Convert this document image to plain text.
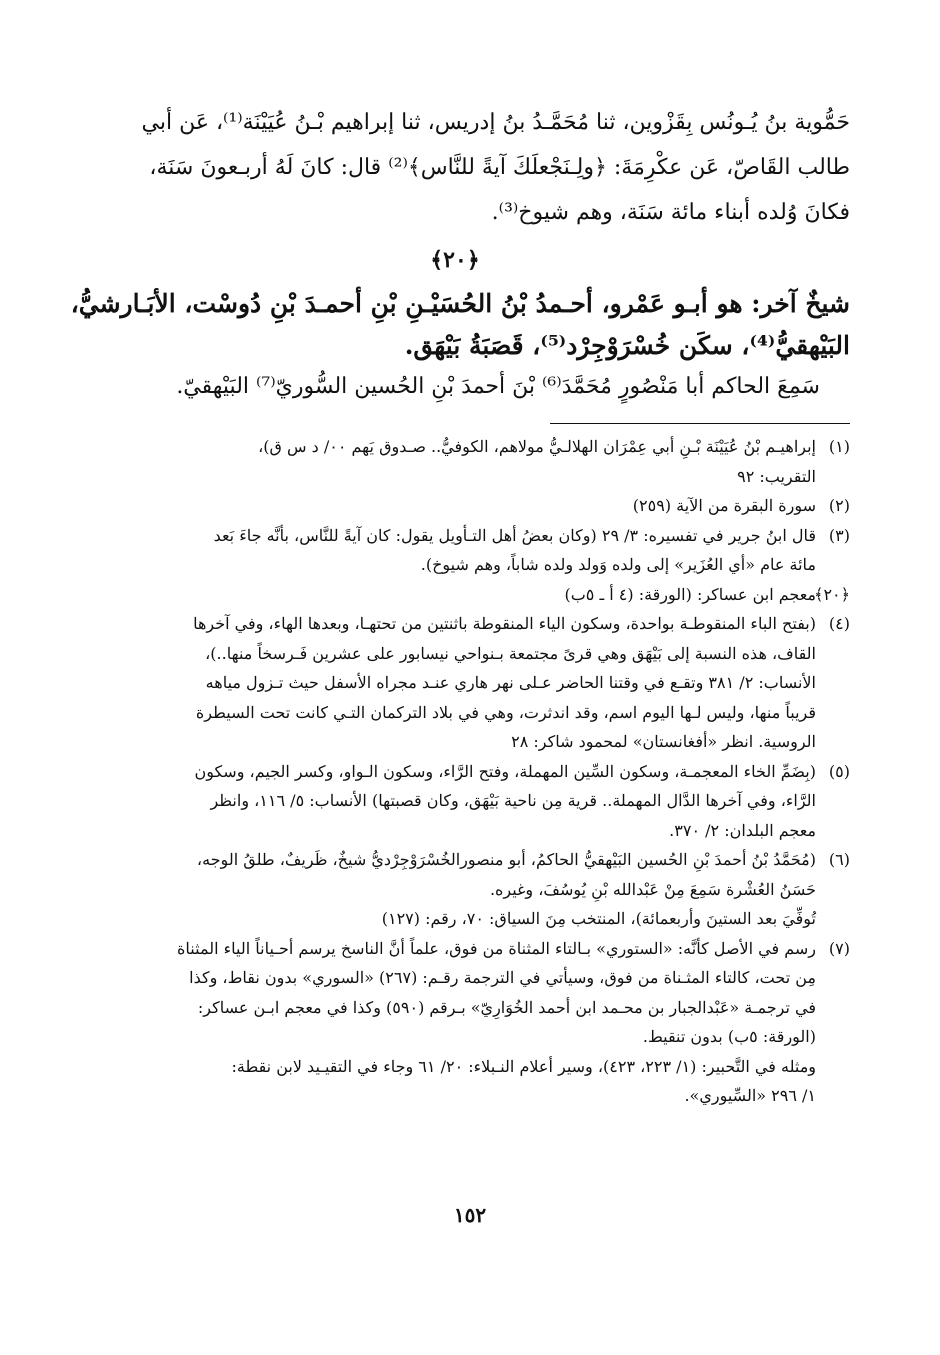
حَمُّوية بنُ يُـونُس بِقَزْوين، ثنا مُحَمَّـدُ بنُ إدريس، ثنا إبراهيم بْـنُ عُيَيْنَة⁽¹⁾، عَن أبي

طالب القَاصّ، عَن عكْرِمَةَ: ﴿ولِـنَجْعلَكَ آيةً للنَّاس﴾⁽²⁾ قال: كانَ لَهُ أربـعونَ سَنَة،

فكانَ وُلده أبناء مائة سَنَة، وهم شيوخ⁽³⁾.

﴿٢٠﴾

شيخٌ آخر: هو أبـو عَمْرو، أحـمدُ بْنُ الحُسَيْـنِ بْنِ أحمـدَ بْنِ دُوسْت، الأبَـارشيُّ،

البَيْهقيُّ⁽⁴⁾، سكَن خُسْرَوْجِرْد⁽⁵⁾، قَصَبَةُ بَيْهَق.

سَمِعَ الحاكم أبا مَنْصُورٍ مُحَمَّدَ⁽⁶⁾ بْنَ أحمدَ بْنِ الحُسين السُّوريّ⁽⁷⁾ البَيْهقيّ.

(١)
إبراهيـم بْنُ عُيَيْنَة بْـنِ أبي عِمْرَان الهلالـيُّ مولاهم، الكوفيُّ.. صـدوق يَهم ٠٠/ د س ق)،
التقريب: ٩٢
(٢)
سورة البقرة من الآية (٢٥٩)
(٣)
قال ابنُ جرير في تفسيره: ٣/ ٢٩ (وكان بعضُ أهل التـأويل يقول: كان آيةً للنَّاس، بأنَّه جاءَ بَعد
مائة عام «أي العُزَير» إلى ولده وَولد ولده شاباً، وهم شيوخ).
﴿٢٠﴾
معجم ابن عساكر: (الورقة: (٤ أ ـ ٥ب)
(٤)
(بفتح الباء المنقوطـة بواحدة، وسكون الياء المنقوطة باثنتين من تحتهـا، وبعدها الهاء، وفي آخرها
القاف، هذه النسبة إلى بَيْهَق وهي قرىً مجتمعة بـنواحي نيسابور على عشرين فَـرسخاً منها..)،
الأنساب: ٢/ ٣٨١ وتقـع في وقتنا الحاضر عـلى نهر هاري عنـد مجراه الأسفل حيث تـزول مياهه
قريباً منها، وليس لـها اليوم اسم، وقد اندثرت، وهي في بلاد التركمان التـي كانت تحت السيطرة
الروسية. انظر «أفغانستان» لمحمود شاكر: ٢٨
(٥)
(بِضَمِّ الخاء المعجمـة، وسكون السِّين المهملة، وفتح الرَّاء، وسكون الـواو، وكسر الجيم، وسكون
الرَّاء، وفي آخرها الدَّال المهملة.. قرية مِن ناحية بَيْهَق، وكان قصبتها) الأنساب: ٥/ ١١٦، وانظر
معجم البلدان: ٢/ ٣٧٠.
(٦)
(مُحَمَّدُ بْنُ أحمدَ بْنِ الحُسين البَيْهقيُّ الحاكمُ، أبو منصورالخُسْرَوْجِرْديُّ شيخٌ، ظَريفٌ، طلقُ الوجه،
حَسَنُ العُشْرة سَمِعَ مِنْ عَبْدالله بْنِ يُوسُفَ، وغيره.
تُوفِّيَ بعد الستينَ وأربعمائة)، المنتخب مِنَ السياق: ٧٠، رقم: (١٢٧)
(٧)
رسم في الأصل كأنَّه: «الستوري» بـالتاء المثناة من فوق، علماً أنَّ الناسخ يرسم أحـياناً الياء المثناة
مِن تحت، كالتاء المثـناة من فوق، وسيأتي في الترجمة رقـم: (٢٦٧) «السوري» بدون نقاط، وكذا
في ترجمـة «عَبْدالجبار بن محـمد ابن أحمد الخُوَارِيّ» بـرقم (٥٩٠) وكذا في معجم ابـن عساكر:
(الورقة: ٥ب) بدون تنقيط.
ومثله في التَّحبير: (١/ ٢٢٣، ٤٢٣)، وسير أعلام النـبلاء: ٢٠/ ٦١ وجاء في التقيـيد لابن نقطة:
١/ ٢٩٦ «السِّيوري».
١٥٢
